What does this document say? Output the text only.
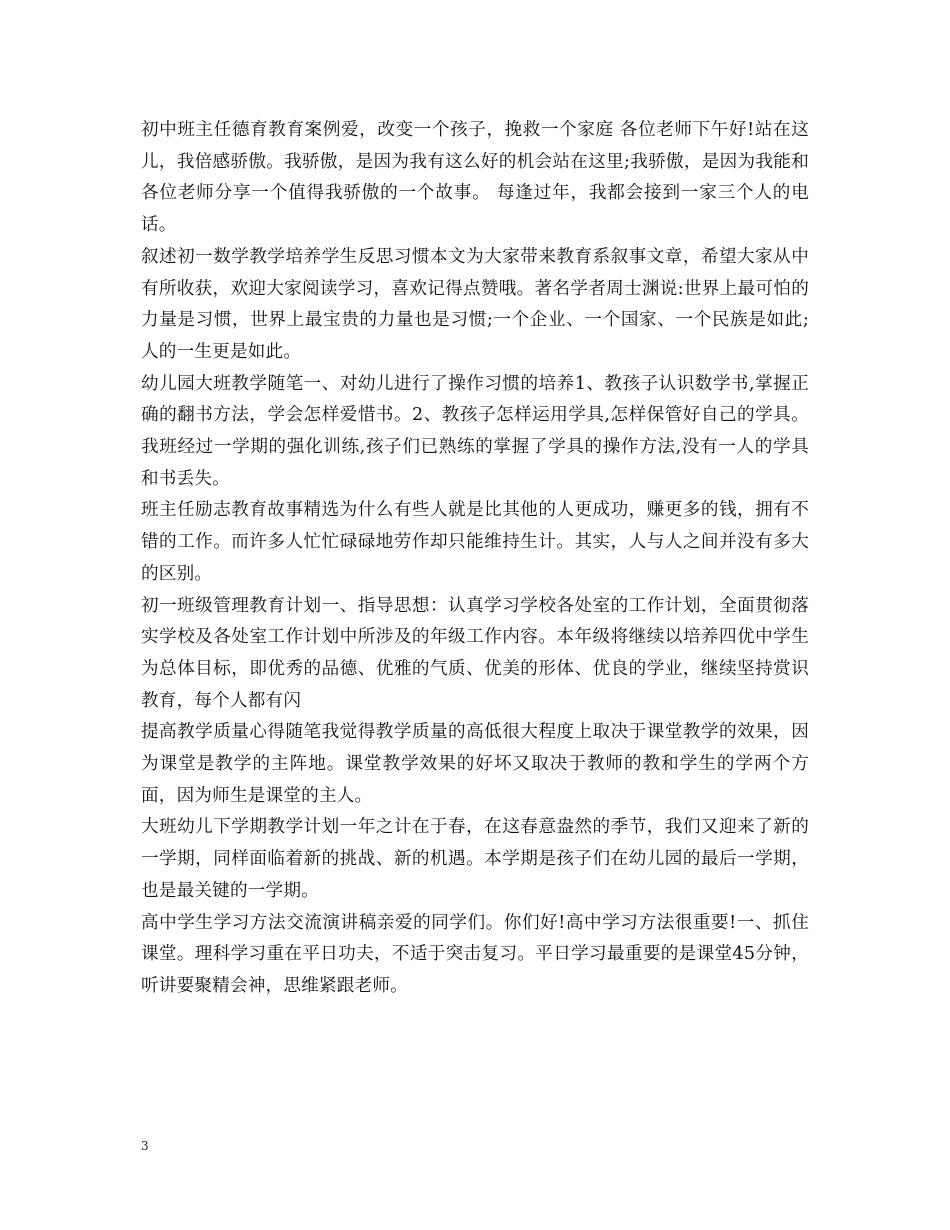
初中班主任德育教育案例爱，改变一个孩子，挽救一个家庭 各位老师下午好!站在这儿，我倍感骄傲。我骄傲，是因为我有这么好的机会站在这里;我骄傲，是因为我能和各位老师分享一个值得我骄傲的一个故事。 每逢过年，我都会接到一家三个人的电话。

叙述初一数学教学培养学生反思习惯本文为大家带来教育系叙事文章，希望大家从中有所收获，欢迎大家阅读学习，喜欢记得点赞哦。著名学者周士渊说:世界上最可怕的力量是习惯，世界上最宝贵的力量也是习惯;一个企业、一个国家、一个民族是如此;人的一生更是如此。

幼儿园大班教学随笔一、对幼儿进行了操作习惯的培养1、教孩子认识数学书,掌握正确的翻书方法，学会怎样爱惜书。2、教孩子怎样运用学具,怎样保管好自己的学具。我班经过一学期的强化训练,孩子们已熟练的掌握了学具的操作方法,没有一人的学具和书丢失。

班主任励志教育故事精选为什么有些人就是比其他的人更成功，赚更多的钱，拥有不错的工作。而许多人忙忙碌碌地劳作却只能维持生计。其实，人与人之间并没有多大的区别。

初一班级管理教育计划一、指导思想：认真学习学校各处室的工作计划，全面贯彻落实学校及各处室工作计划中所涉及的年级工作内容。本年级将继续以培养四优中学生为总体目标，即优秀的品德、优雅的气质、优美的形体、优良的学业，继续坚持赏识教育，每个人都有闪

提高教学质量心得随笔我觉得教学质量的高低很大程度上取决于课堂教学的效果，因为课堂是教学的主阵地。课堂教学效果的好坏又取决于教师的教和学生的学两个方面，因为师生是课堂的主人。

大班幼儿下学期教学计划一年之计在于春，在这春意盎然的季节，我们又迎来了新的一学期，同样面临着新的挑战、新的机遇。本学期是孩子们在幼儿园的最后一学期，也是最关键的一学期。

高中学生学习方法交流演讲稿亲爱的同学们。你们好!高中学习方法很重要!一、抓住课堂。理科学习重在平日功夫，不适于突击复习。平日学习最重要的是课堂45分钟，听讲要聚精会神，思维紧跟老师。

3
